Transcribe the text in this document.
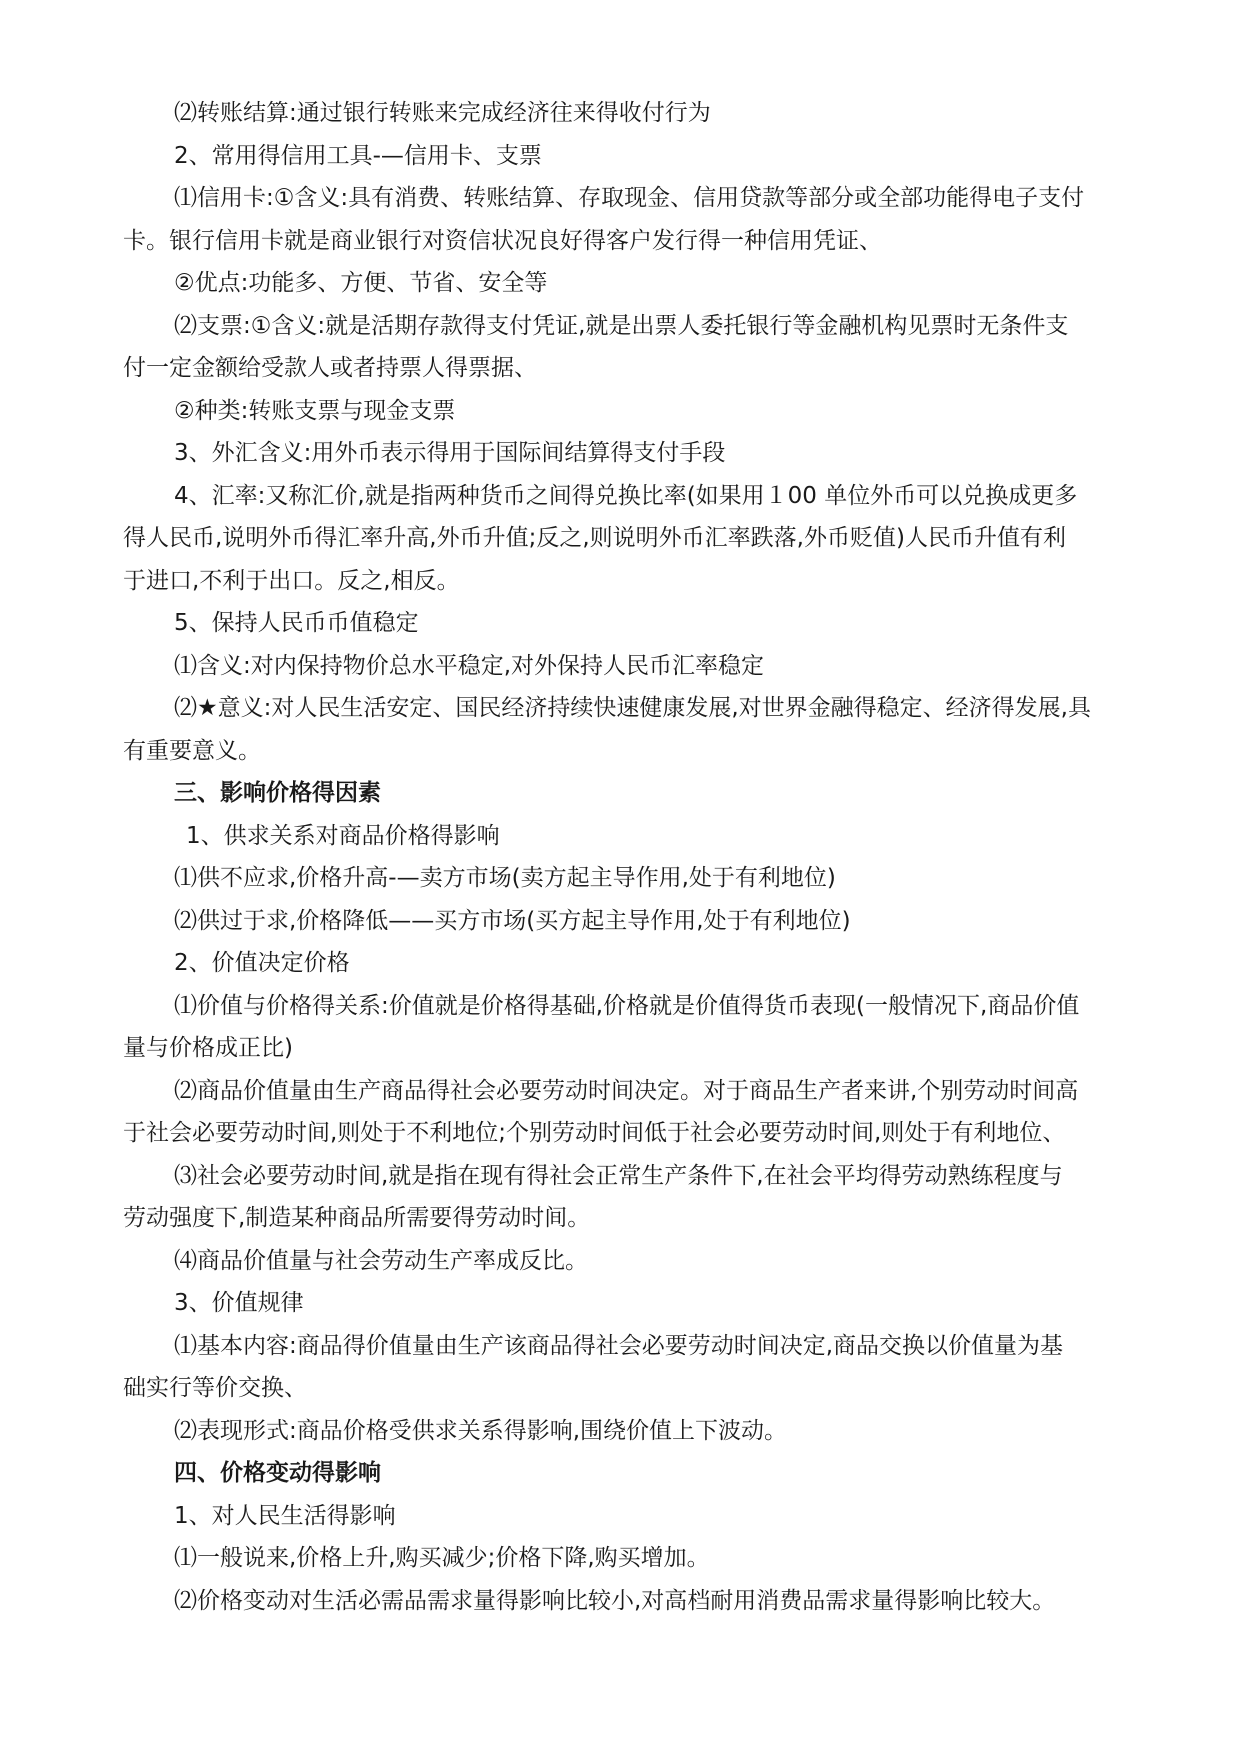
⑵转账结算:通过银行转账来完成经济往来得收付行为
2、常用得信用工具-—信用卡、支票
⑴信用卡:①含义:具有消费、转账结算、存取现金、信用贷款等部分或全部功能得电子支付
卡。银行信用卡就是商业银行对资信状况良好得客户发行得一种信用凭证、
②优点:功能多、方便、节省、安全等
⑵支票:①含义:就是活期存款得支付凭证,就是出票人委托银行等金融机构见票时无条件支
付一定金额给受款人或者持票人得票据、
②种类:转账支票与现金支票
3、外汇含义:用外币表示得用于国际间结算得支付手段
4、汇率:又称汇价,就是指两种货币之间得兑换比率(如果用１00 单位外币可以兑换成更多
得人民币,说明外币得汇率升高,外币升值;反之,则说明外币汇率跌落,外币贬值)人民币升值有利
于进口,不利于出口。反之,相反。
5、保持人民币币值稳定
⑴含义:对内保持物价总水平稳定,对外保持人民币汇率稳定
⑵★意义:对人民生活安定、国民经济持续快速健康发展,对世界金融得稳定、经济得发展,具
有重要意义。
三、影响价格得因素
1、供求关系对商品价格得影响
⑴供不应求,价格升高-—卖方市场(卖方起主导作用,处于有利地位)
⑵供过于求,价格降低——买方市场(买方起主导作用,处于有利地位)
2、价值决定价格
⑴价值与价格得关系:价值就是价格得基础,价格就是价值得货币表现(一般情况下,商品价值
量与价格成正比)
⑵商品价值量由生产商品得社会必要劳动时间决定。对于商品生产者来讲,个别劳动时间高
于社会必要劳动时间,则处于不利地位;个别劳动时间低于社会必要劳动时间,则处于有利地位、
⑶社会必要劳动时间,就是指在现有得社会正常生产条件下,在社会平均得劳动熟练程度与
劳动强度下,制造某种商品所需要得劳动时间。
⑷商品价值量与社会劳动生产率成反比。
3、价值规律
⑴基本内容:商品得价值量由生产该商品得社会必要劳动时间决定,商品交换以价值量为基
础实行等价交换、
⑵表现形式:商品价格受供求关系得影响,围绕价值上下波动。
四、价格变动得影响
1、对人民生活得影响
⑴一般说来,价格上升,购买减少;价格下降,购买增加。
⑵价格变动对生活必需品需求量得影响比较小,对高档耐用消费品需求量得影响比较大。
